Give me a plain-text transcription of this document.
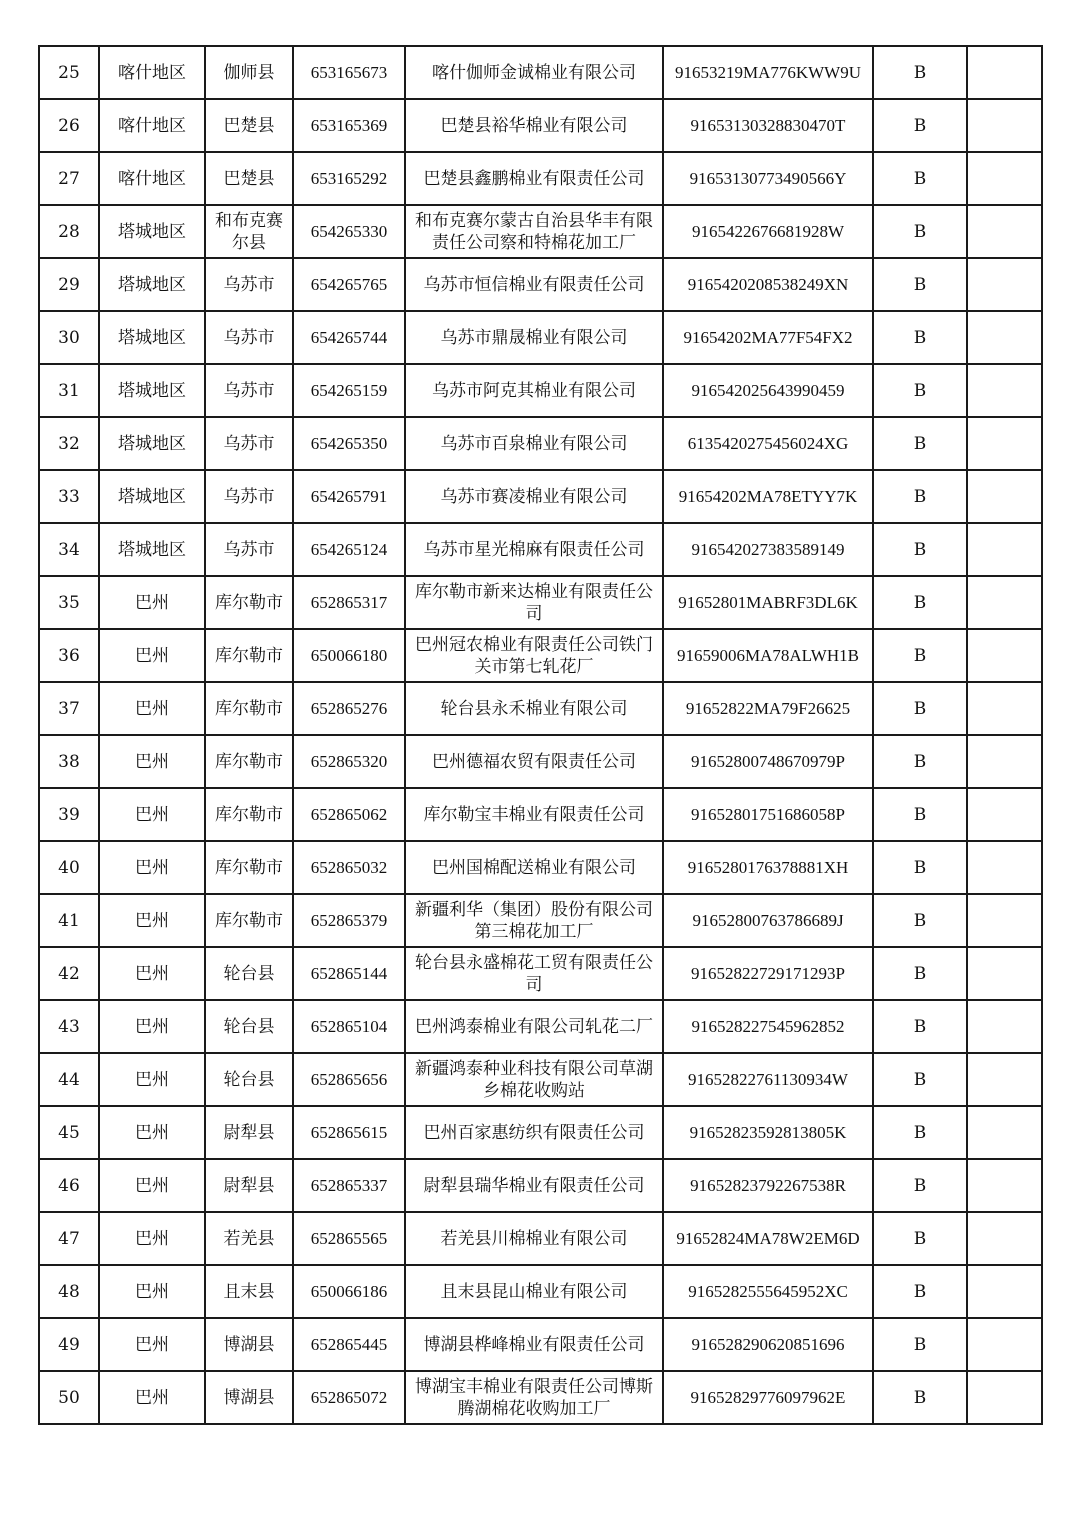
25	喀什地区	伽师县	653165673	喀什伽师金诚棉业有限公司	91653219MA776KWW9U	B	
26	喀什地区	巴楚县	653165369	巴楚县裕华棉业有限公司	91653130328830470T	B	
27	喀什地区	巴楚县	653165292	巴楚县鑫鹏棉业有限责任公司	91653130773490566Y	B	
28	塔城地区	和布克赛尔县	654265330	和布克赛尔蒙古自治县华丰有限责任公司察和特棉花加工厂	91654226766819​28W	B	
29	塔城地区	乌苏市	654265765	乌苏市恒信棉业有限责任公司	916542020853824​9XN	B	
30	塔城地区	乌苏市	654265744	乌苏市鼎晟棉业有限公司	91654202MA77F54FX2	B	
31	塔城地区	乌苏市	654265159	乌苏市阿克其棉业有限公司	916542025643990459	B	
32	塔城地区	乌苏市	654265350	乌苏市百泉棉业有限公司	613542027545602​4XG	B	
33	塔城地区	乌苏市	654265791	乌苏市赛凌棉业有限公司	91654202MA78ETYY7K	B	
34	塔城地区	乌苏市	654265124	乌苏市星光棉麻有限责任公司	916542027383589149	B	
35	巴州	库尔勒市	652865317	库尔勒市新来达棉业有限责任公司	91652801MABRF3DL6K	B	
36	巴州	库尔勒市	650066180	巴州冠农棉业有限责任公司铁门关市第七轧花厂	91659006MA78ALWH1B	B	
37	巴州	库尔勒市	652865276	轮台县永禾棉业有限公司	91652822MA79F26625	B	
38	巴州	库尔勒市	652865320	巴州德福农贸有限责任公司	91652800748670979P	B	
39	巴州	库尔勒市	652865062	库尔勒宝丰棉业有限责任公司	91652801751686058P	B	
40	巴州	库尔勒市	652865032	巴州国棉配送棉业有限公司	916528017637888​1XH	B	
41	巴州	库尔勒市	652865379	新疆利华（集团）股份有限公司第三棉花加工厂	91652800763786689J	B	
42	巴州	轮台县	652865144	轮台县永盛棉花工贸有限责任公司	91652822729171293P	B	
43	巴州	轮台县	652865104	巴州鸿泰棉业有限公司轧花二厂	916528227545962852	B	
44	巴州	轮台县	652865656	新疆鸿泰种业科技有限公司草湖乡棉花收购站	91652822761130934W	B	
45	巴州	尉犁县	652865615	巴州百家惠纺织有限责任公司	91652823592813805K	B	
46	巴州	尉犁县	652865337	尉犁县瑞华棉业有限责任公司	91652823792267538R	B	
47	巴州	若羌县	652865565	若羌县川棉棉业有限公司	91652824MA78W2EM6D	B	
48	巴州	且末县	650066186	且末县昆山棉业有限公司	916528255564595​2XC	B	
49	巴州	博湖县	652865445	博湖县桦峰棉业有限责任公司	916528290620851696	B	
50	巴州	博湖县	652865072	博湖宝丰棉业有限责任公司博斯腾湖棉花收购加工厂	91652829776097962E	B	
